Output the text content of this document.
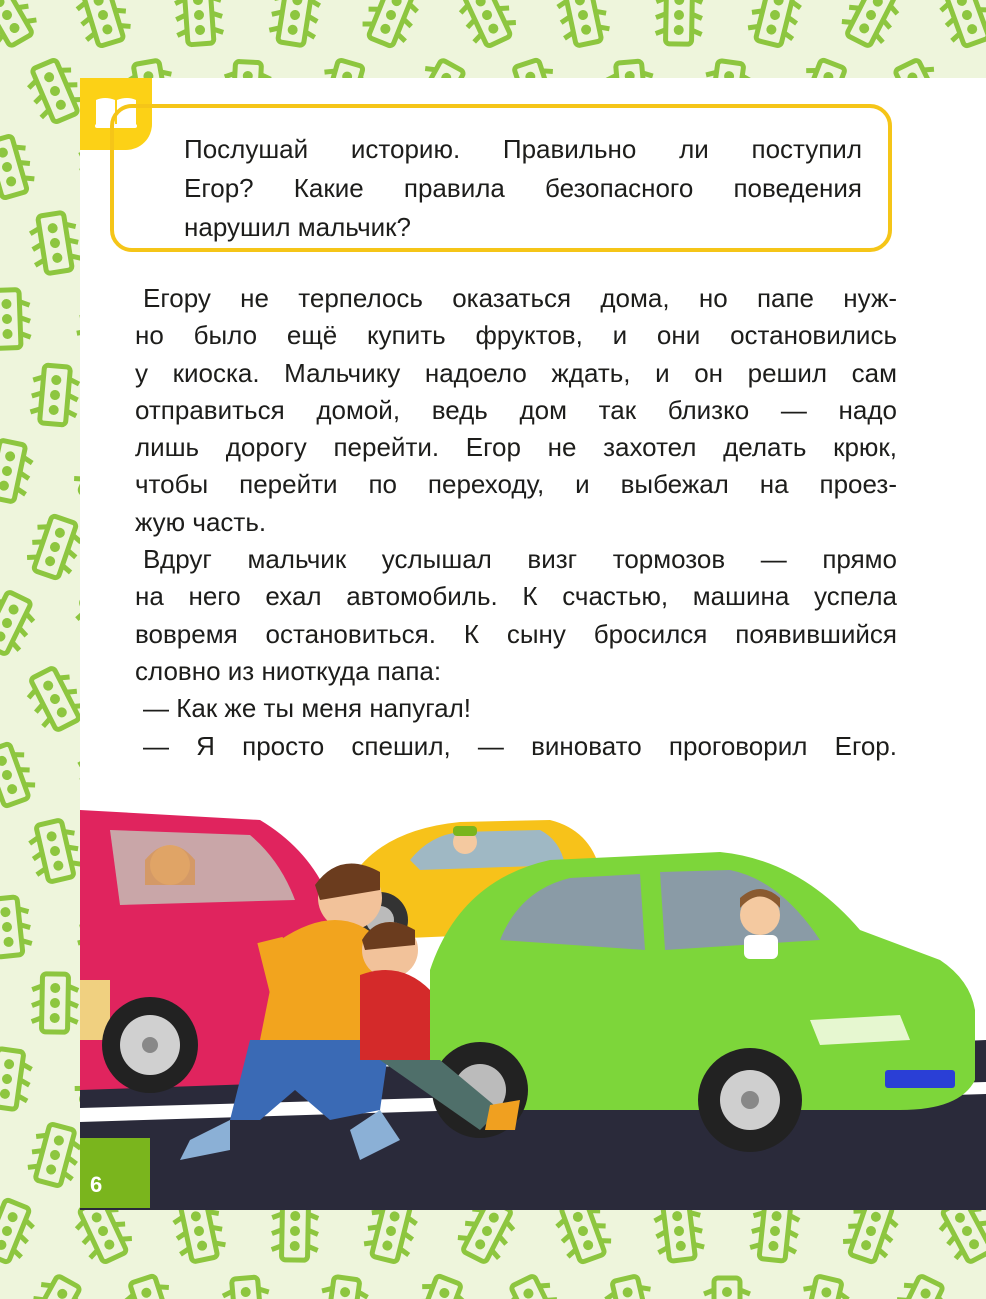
Послушай историю. Правильно ли поступил
Егор? Какие правила безопасного поведения
нарушил мальчик?
Егору не терпелось оказаться дома, но папе нуж-
но было ещё купить фруктов, и они остановились
у киоска. Мальчику надоело ждать, и он решил сам
отправиться домой, ведь дом так близко — надо
лишь дорогу перейти. Егор не захотел делать крюк,
чтобы перейти по переходу, и выбежал на проез-
жую часть.
Вдруг мальчик услышал визг тормозов — прямо
на него ехал автомобиль. К счастью, машина успела
вовремя остановиться. К сыну бросился появившийся
словно из ниоткуда папа:
— Как же ты меня напугал!
— Я просто спешил, — виновато проговорил Егор.
6
